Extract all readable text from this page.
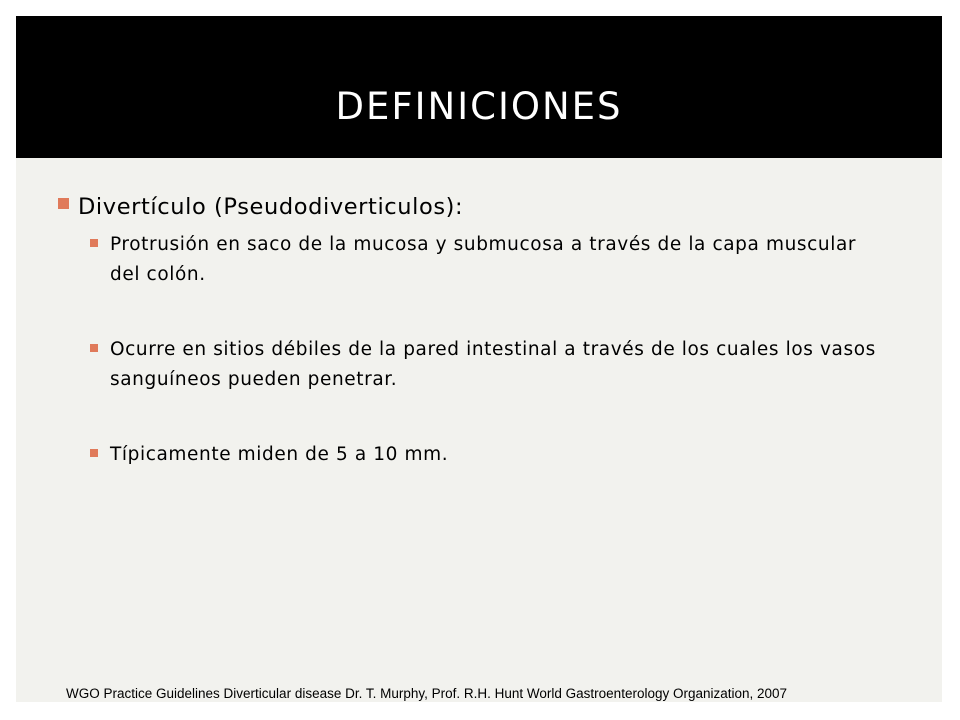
DEFINICIONES
Divertículo (Pseudodiverticulos):
Protrusión en saco de la mucosa y submucosa a través de la capa muscular del colón.
Ocurre en sitios débiles de la pared intestinal a través de los cuales los vasos sanguíneos pueden penetrar.
Típicamente miden de 5 a 10 mm.
WGO Practice Guidelines Diverticular disease Dr. T. Murphy, Prof. R.H. Hunt World Gastroenterology Organization, 2007
